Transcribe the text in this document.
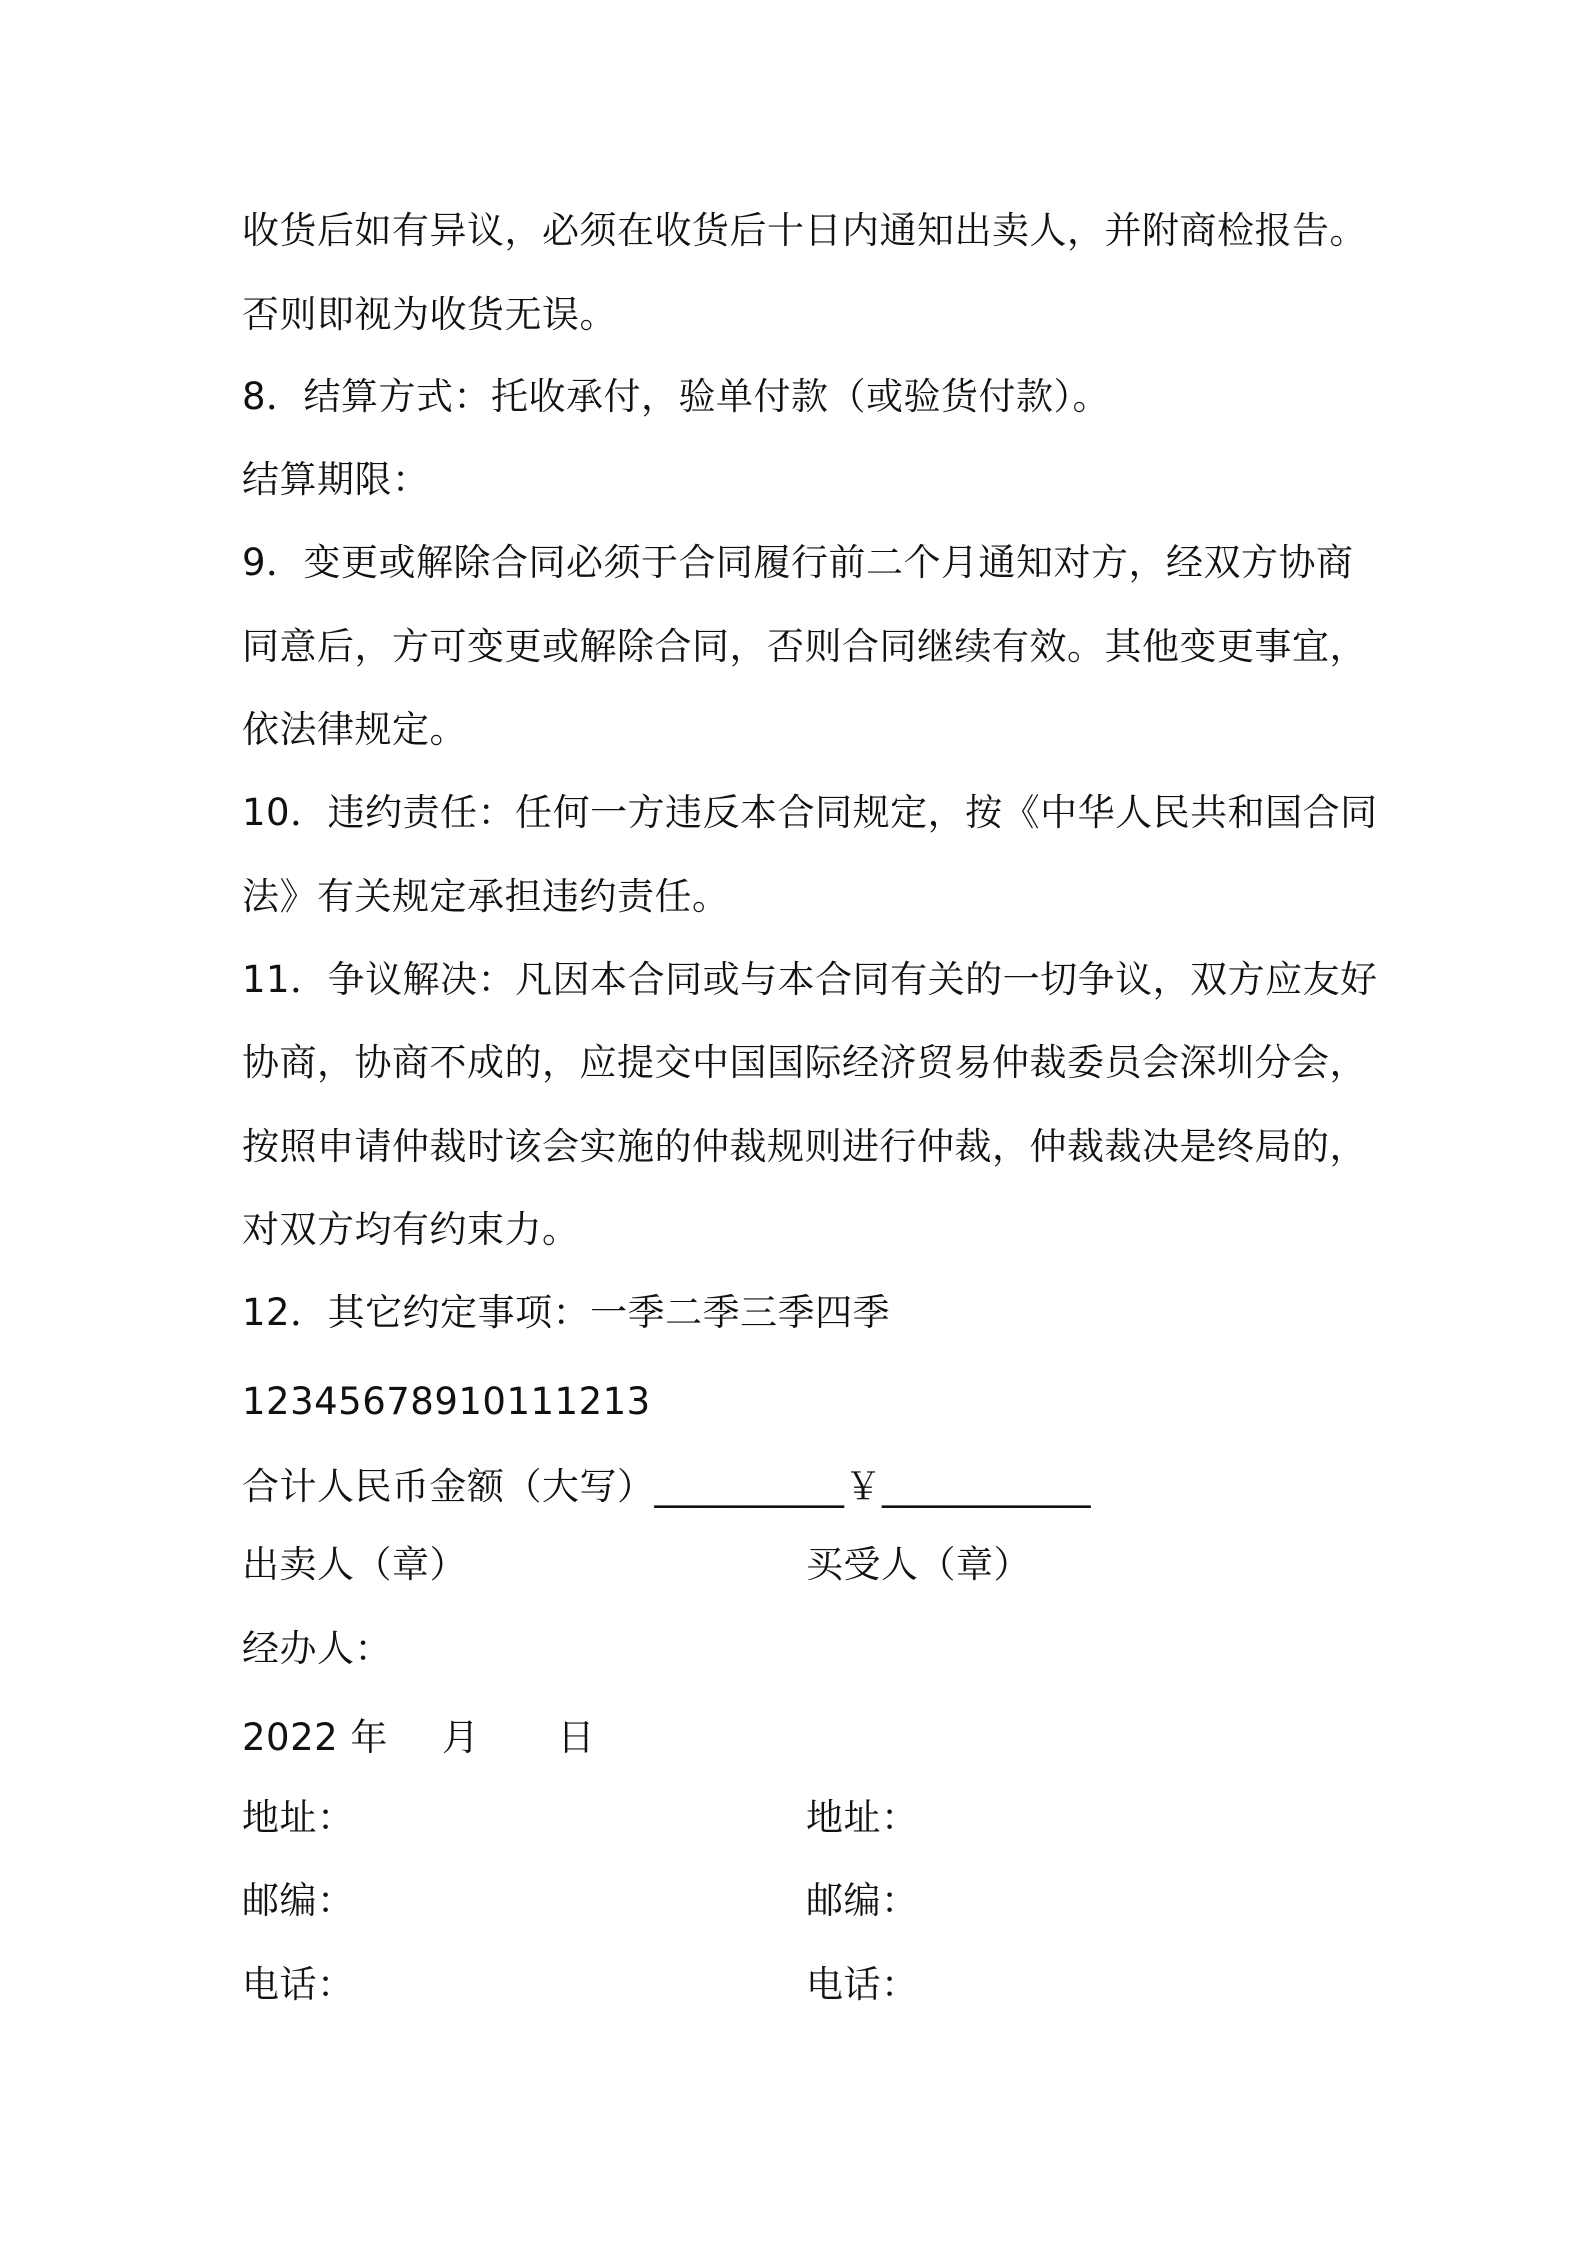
收货后如有异议，必须在收货后十日内通知出卖人，并附商检报告。
否则即视为收货无误。
8．结算方式：托收承付，验单付款（或验货付款）。
结算期限：
9．变更或解除合同必须于合同履行前二个月通知对方，经双方协商
同意后，方可变更或解除合同，否则合同继续有效。其他变更事宜，
依法律规定。
10．违约责任：任何一方违反本合同规定，按《中华人民共和国合同
法》有关规定承担违约责任。
11．争议解决：凡因本合同或与本合同有关的一切争议，双方应友好
协商，协商不成的，应提交中国国际经济贸易仲裁委员会深圳分会，
按照申请仲裁时该会实施的仲裁规则进行仲裁，仲裁裁决是终局的，
对双方均有约束力。
12．其它约定事项：一季二季三季四季
12345678910111213
合计人民币金额（大写）__________￥___________
出卖人（章）	买受人（章）
经办人：
2022 年 月 日
地址：	地址：
邮编：	邮编：
电话：	电话：
